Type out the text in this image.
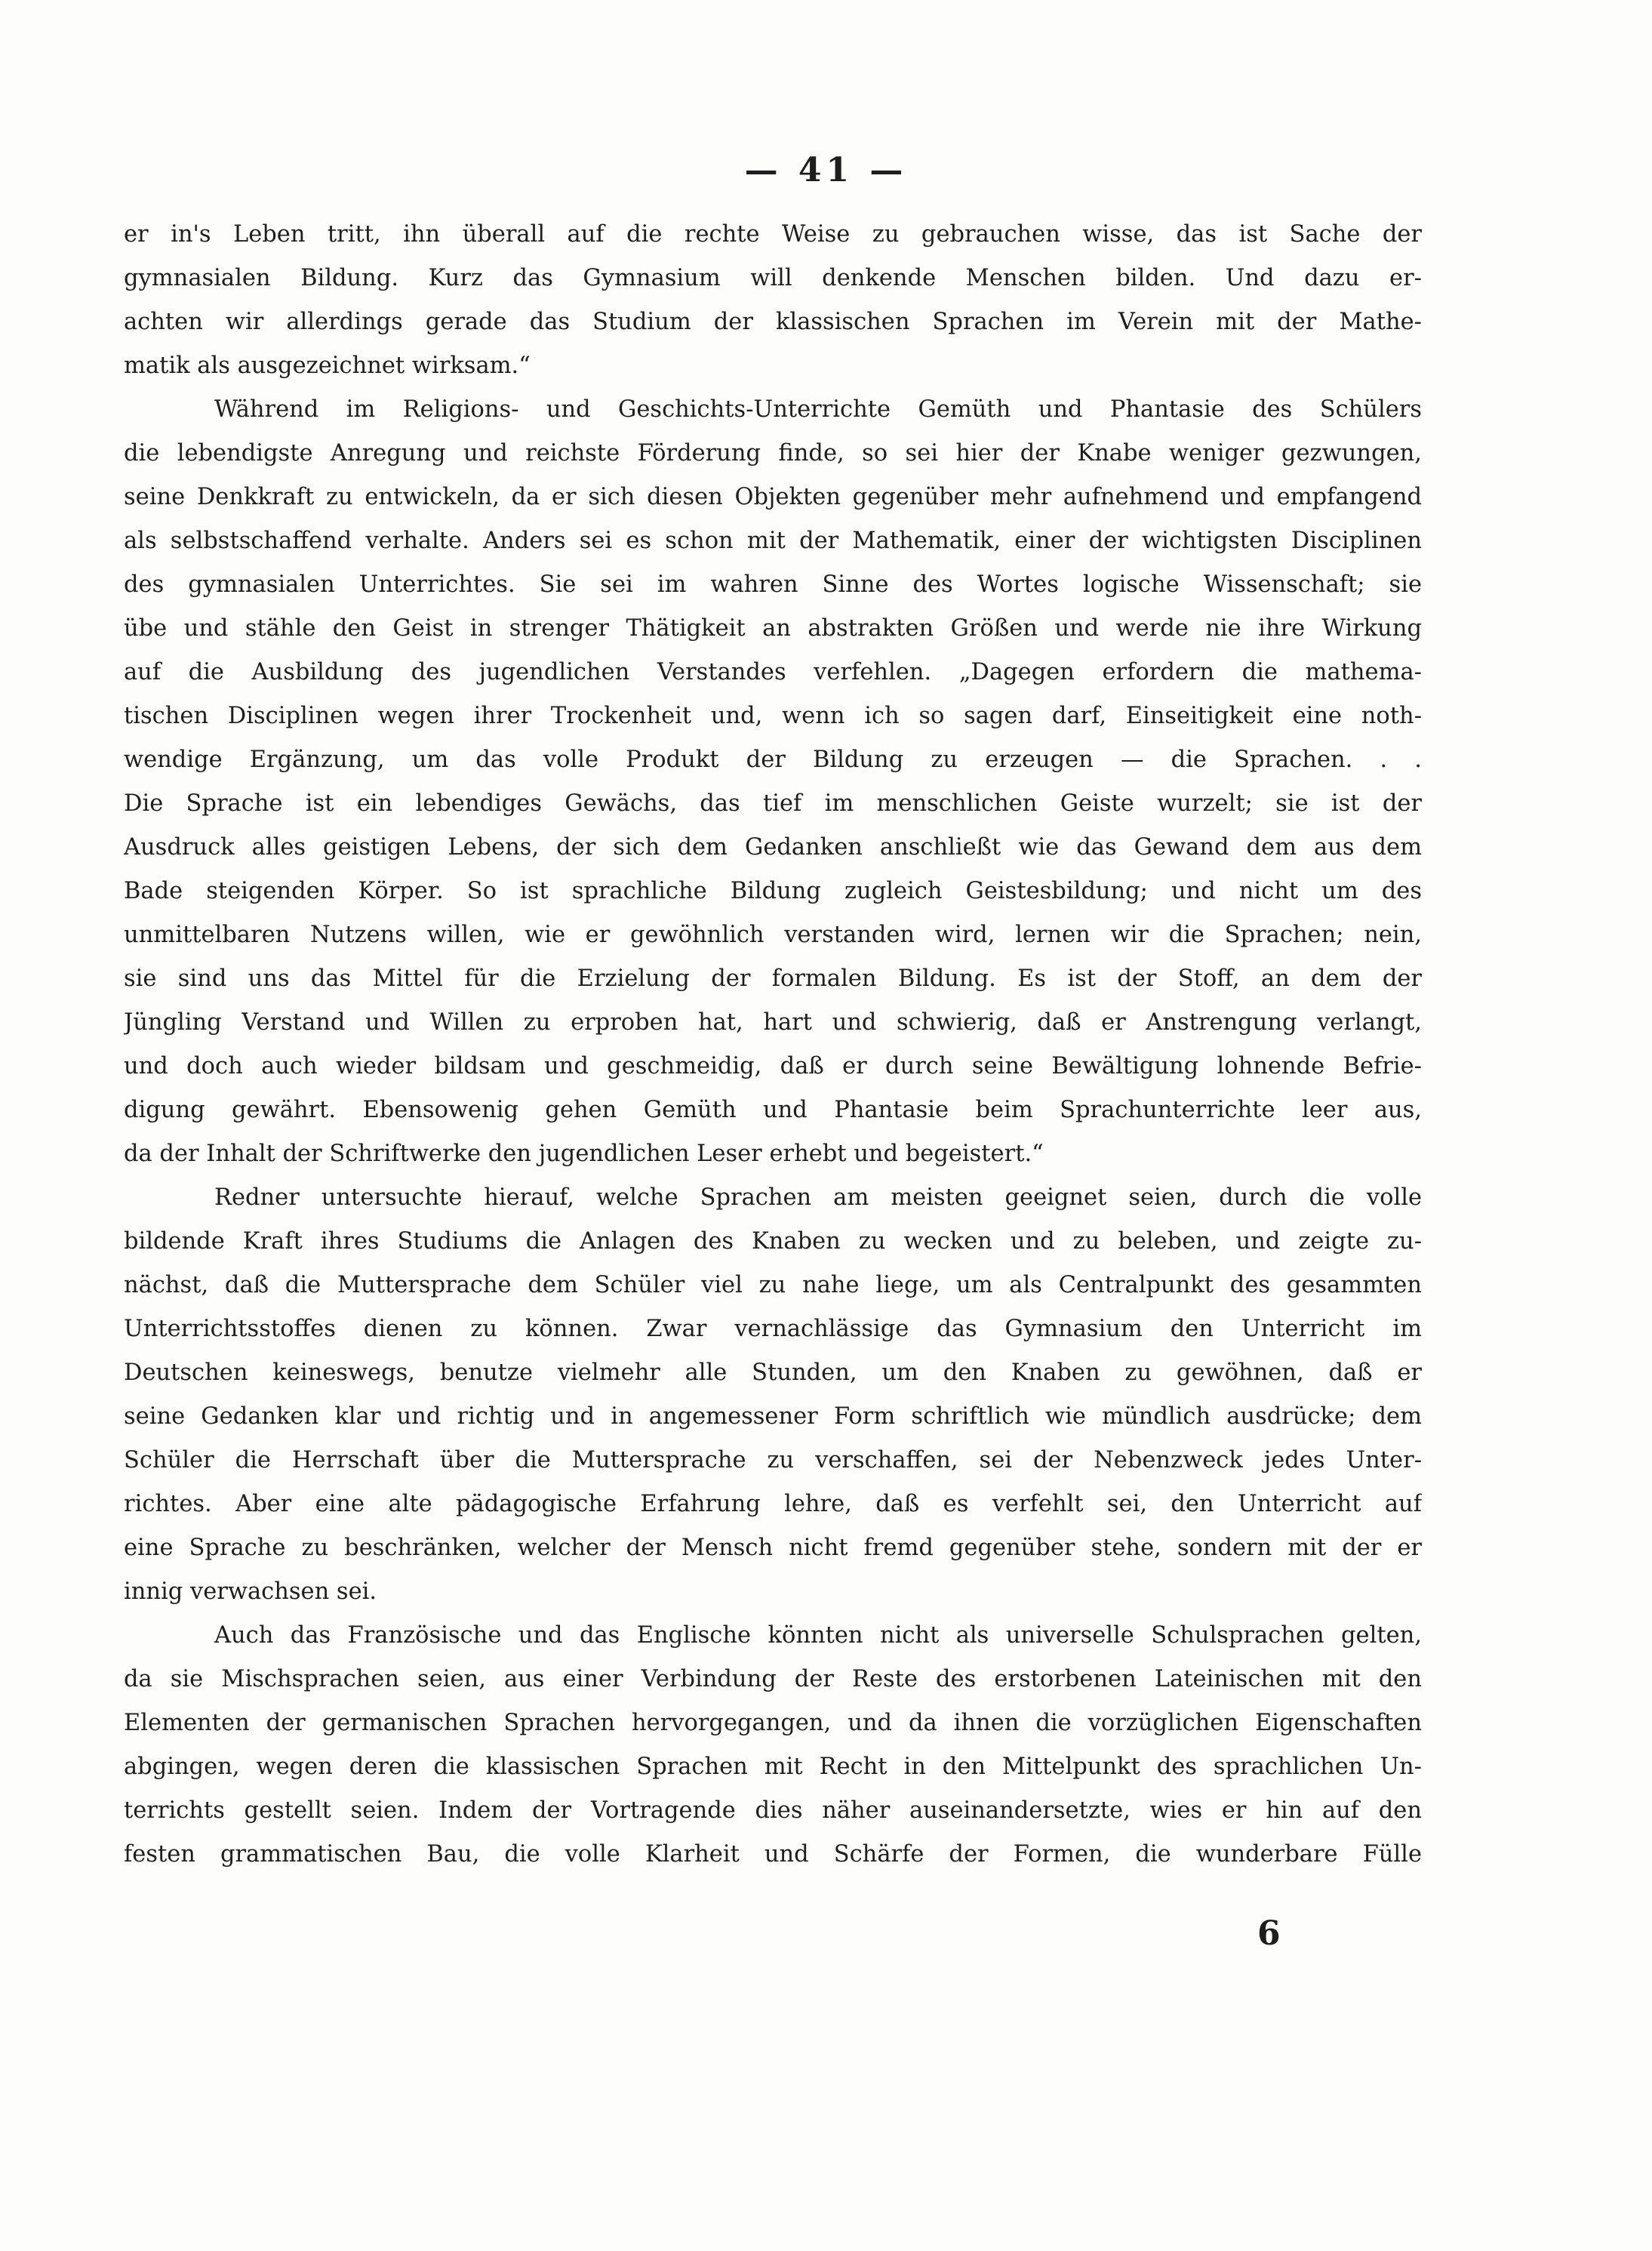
— 41 —
er in's Leben tritt, ihn überall auf die rechte Weise zu gebrauchen wisse, das ist Sache der
gymnasialen Bildung. Kurz das Gymnasium will denkende Menschen bilden. Und dazu er-
achten wir allerdings gerade das Studium der klassischen Sprachen im Verein mit der Mathe-
matik als ausgezeichnet wirksam.“
Während im Religions- und Geschichts-Unterrichte Gemüth und Phantasie des Schülers
die lebendigste Anregung und reichste Förderung finde, so sei hier der Knabe weniger gezwungen,
seine Denkkraft zu entwickeln, da er sich diesen Objekten gegenüber mehr aufnehmend und empfangend
als selbstschaffend verhalte. Anders sei es schon mit der Mathematik, einer der wichtigsten Disciplinen
des gymnasialen Unterrichtes. Sie sei im wahren Sinne des Wortes logische Wissenschaft; sie
übe und stähle den Geist in strenger Thätigkeit an abstrakten Größen und werde nie ihre Wirkung
auf die Ausbildung des jugendlichen Verstandes verfehlen. „Dagegen erfordern die mathema-
tischen Disciplinen wegen ihrer Trockenheit und, wenn ich so sagen darf, Einseitigkeit eine noth-
wendige Ergänzung, um das volle Produkt der Bildung zu erzeugen — die Sprachen. . .
Die Sprache ist ein lebendiges Gewächs, das tief im menschlichen Geiste wurzelt; sie ist der
Ausdruck alles geistigen Lebens, der sich dem Gedanken anschließt wie das Gewand dem aus dem
Bade steigenden Körper. So ist sprachliche Bildung zugleich Geistesbildung; und nicht um des
unmittelbaren Nutzens willen, wie er gewöhnlich verstanden wird, lernen wir die Sprachen; nein,
sie sind uns das Mittel für die Erzielung der formalen Bildung. Es ist der Stoff, an dem der
Jüngling Verstand und Willen zu erproben hat, hart und schwierig, daß er Anstrengung verlangt,
und doch auch wieder bildsam und geschmeidig, daß er durch seine Bewältigung lohnende Befrie-
digung gewährt. Ebensowenig gehen Gemüth und Phantasie beim Sprachunterrichte leer aus,
da der Inhalt der Schriftwerke den jugendlichen Leser erhebt und begeistert.“
Redner untersuchte hierauf, welche Sprachen am meisten geeignet seien, durch die volle
bildende Kraft ihres Studiums die Anlagen des Knaben zu wecken und zu beleben, und zeigte zu-
nächst, daß die Muttersprache dem Schüler viel zu nahe liege, um als Centralpunkt des gesammten
Unterrichtsstoffes dienen zu können. Zwar vernachlässige das Gymnasium den Unterricht im
Deutschen keineswegs, benutze vielmehr alle Stunden, um den Knaben zu gewöhnen, daß er
seine Gedanken klar und richtig und in angemessener Form schriftlich wie mündlich ausdrücke; dem
Schüler die Herrschaft über die Muttersprache zu verschaffen, sei der Nebenzweck jedes Unter-
richtes. Aber eine alte pädagogische Erfahrung lehre, daß es verfehlt sei, den Unterricht auf
eine Sprache zu beschränken, welcher der Mensch nicht fremd gegenüber stehe, sondern mit der er
innig verwachsen sei.
Auch das Französische und das Englische könnten nicht als universelle Schulsprachen gelten,
da sie Mischsprachen seien, aus einer Verbindung der Reste des erstorbenen Lateinischen mit den
Elementen der germanischen Sprachen hervorgegangen, und da ihnen die vorzüglichen Eigenschaften
abgingen, wegen deren die klassischen Sprachen mit Recht in den Mittelpunkt des sprachlichen Un-
terrichts gestellt seien. Indem der Vortragende dies näher auseinandersetzte, wies er hin auf den
festen grammatischen Bau, die volle Klarheit und Schärfe der Formen, die wunderbare Fülle
6
